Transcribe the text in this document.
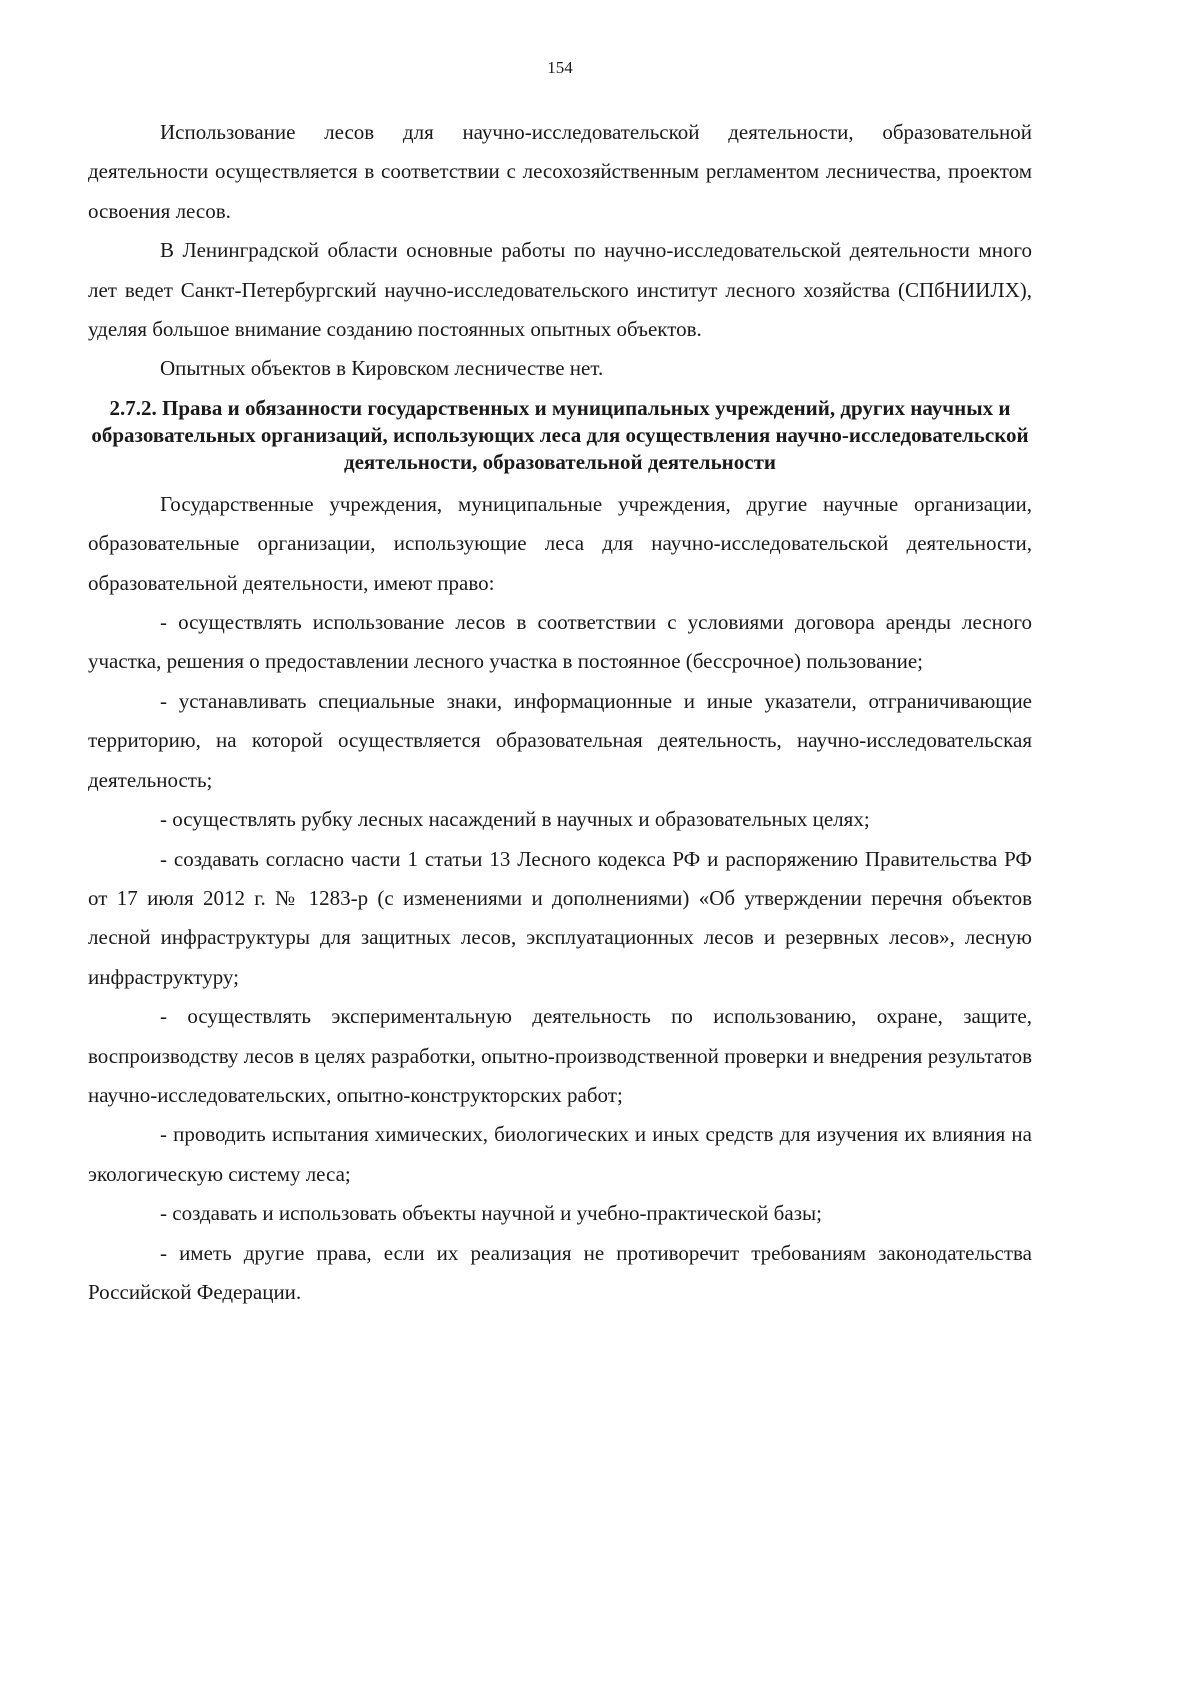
154

Использование лесов для научно-исследовательской деятельности, образовательной деятельности осуществляется в соответствии с лесохозяйственным регламентом лесничества, проектом освоения лесов.

В Ленинградской области основные работы по научно-исследовательской деятельности много лет ведет Санкт-Петербургский научно-исследовательского институт лесного хозяйства (СПбНИИЛХ), уделяя большое внимание созданию постоянных опытных объектов.

Опытных объектов в Кировском лесничестве нет.

2.7.2. Права и обязанности государственных и муниципальных учреждений, других научных и образовательных организаций, использующих леса для осуществления научно-исследовательской деятельности, образовательной деятельности

Государственные учреждения, муниципальные учреждения, другие научные организации, образовательные организации, использующие леса для научно-исследовательской деятельности, образовательной деятельности, имеют право:

- осуществлять использование лесов в соответствии с условиями договора аренды лесного участка, решения о предоставлении лесного участка в постоянное (бессрочное) пользование;

- устанавливать специальные знаки, информационные и иные указатели, отграничивающие территорию, на которой осуществляется образовательная деятельность, научно-исследовательская деятельность;

- осуществлять рубку лесных насаждений в научных и образовательных целях;

- создавать согласно части 1 статьи 13 Лесного кодекса РФ и распоряжению Правительства РФ от 17 июля 2012 г. № 1283-р (с изменениями и дополнениями) «Об утверждении перечня объектов лесной инфраструктуры для защитных лесов, эксплуатационных лесов и резервных лесов», лесную инфраструктуру;

- осуществлять экспериментальную деятельность по использованию, охране, защите, воспроизводству лесов в целях разработки, опытно-производственной проверки и внедрения результатов научно-исследовательских, опытно-конструкторских работ;

- проводить испытания химических, биологических и иных средств для изучения их влияния на экологическую систему леса;

- создавать и использовать объекты научной и учебно-практической базы;

- иметь другие права, если их реализация не противоречит требованиям законодательства Российской Федерации.
